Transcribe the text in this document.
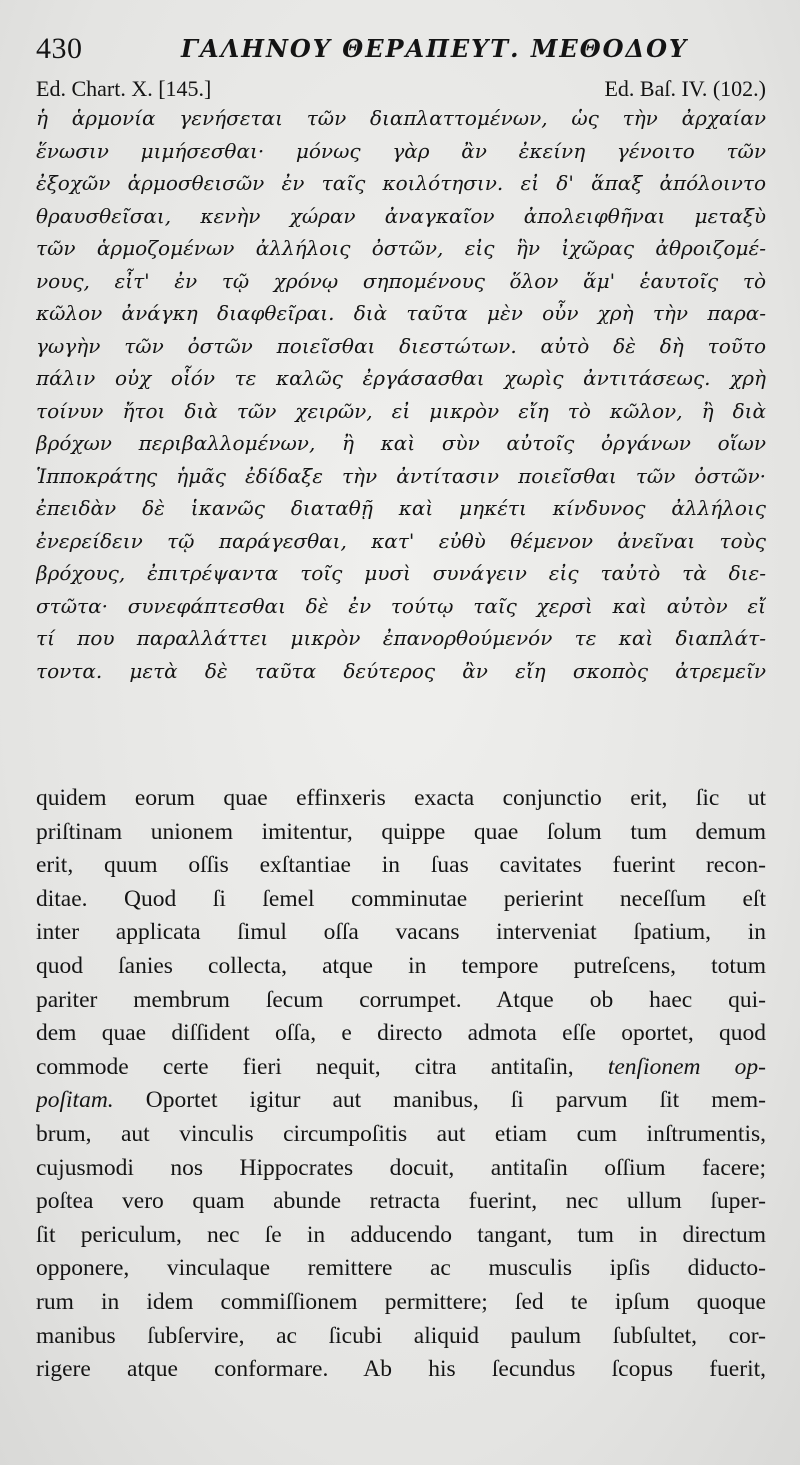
430	ΓΑΛΗΝΟΥ ΘΕΡΑΠΕΥΤ. ΜΕΘΟΔΟΥ
Ed. Chart. X. [145.]	Ed. Baſ. IV. (102.)
ἡ ἁρμονία γενήσεται τῶν διαπλαττομένων, ὡς τὴν ἀρχαίαν
ἕνωσιν μιμήσεσθαι· μόνως γὰρ ἂν ἐκείνη γένοιτο τῶν
ἐξοχῶν ἁρμοσθεισῶν ἐν ταῖς κοιλότησιν. εἰ δ' ἅπαξ ἀπόλοιντο
θραυσθεῖσαι, κενὴν χώραν ἀναγκαῖον ἀπολειφθῆναι μεταξὺ
τῶν ἁρμοζομένων ἀλλήλοις ὀστῶν, εἰς ἣν ἰχῶρας ἀθροιζομέ-
νους, εἶτ' ἐν τῷ χρόνῳ σηπομένους ὅλον ἅμ' ἑαυτοῖς τὸ
κῶλον ἀνάγκη διαφθεῖραι. διὰ ταῦτα μὲν οὖν χρὴ τὴν παρα-
γωγὴν τῶν ὀστῶν ποιεῖσθαι διεστώτων. αὐτὸ δὲ δὴ τοῦτο
πάλιν οὐχ οἷόν τε καλῶς ἐργάσασθαι χωρὶς ἀντιτάσεως. χρὴ
τοίνυν ἤτοι διὰ τῶν χειρῶν, εἰ μικρὸν εἴη τὸ κῶλον, ἢ διὰ
βρόχων περιβαλλομένων, ἢ καὶ σὺν αὐτοῖς ὀργάνων οἵων
Ἱπποκράτης ἡμᾶς ἐδίδαξε τὴν ἀντίτασιν ποιεῖσθαι τῶν ὀστῶν·
ἐπειδὰν δὲ ἱκανῶς διαταθῇ καὶ μηκέτι κίνδυνος ἀλλήλοις
ἐνερείδειν τῷ παράγεσθαι, κατ' εὐθὺ θέμενον ἀνεῖναι τοὺς
βρόχους, ἐπιτρέψαντα τοῖς μυσὶ συνάγειν εἰς ταὐτὸ τὰ διε-
στῶτα· συνεφάπτεσθαι δὲ ἐν τούτῳ ταῖς χερσὶ καὶ αὐτὸν εἴ
τί που παραλλάττει μικρὸν ἐπανορθούμενόν τε καὶ διαπλάτ-
τοντα. μετὰ δὲ ταῦτα δεύτερος ἂν εἴη σκοπὸς ἀτρεμεῖν
quidem eorum quae effinxeris exacta conjunctio erit, ſic ut
priſtinam unionem imitentur, quippe quae ſolum tum demum
erit, quum oſſis exſtantiae in ſuas cavitates fuerint recon-
ditae. Quod ſi ſemel comminutae perierint neceſſum eſt
inter applicata ſimul oſſa vacans interveniat ſpatium, in
quod ſanies collecta, atque in tempore putreſcens, totum
pariter membrum ſecum corrumpet. Atque ob haec qui-
dem quae diſſident oſſa, e directo admota eſſe oportet, quod
commode certe fieri nequit, citra antitaſin, tenſionem op-
poſitam. Oportet igitur aut manibus, ſi parvum ſit mem-
brum, aut vinculis circumpoſitis aut etiam cum inſtrumentis,
cujusmodi nos Hippocrates docuit, antitaſin oſſium facere;
poſtea vero quam abunde retracta fuerint, nec ullum ſuper-
ſit periculum, nec ſe in adducendo tangant, tum in directum
opponere, vinculaque remittere ac musculis ipſis diducto-
rum in idem commiſſionem permittere; ſed te ipſum quoque
manibus ſubſervire, ac ſicubi aliquid paulum ſubſultet, cor-
rigere atque conformare. Ab his ſecundus ſcopus fuerit,
